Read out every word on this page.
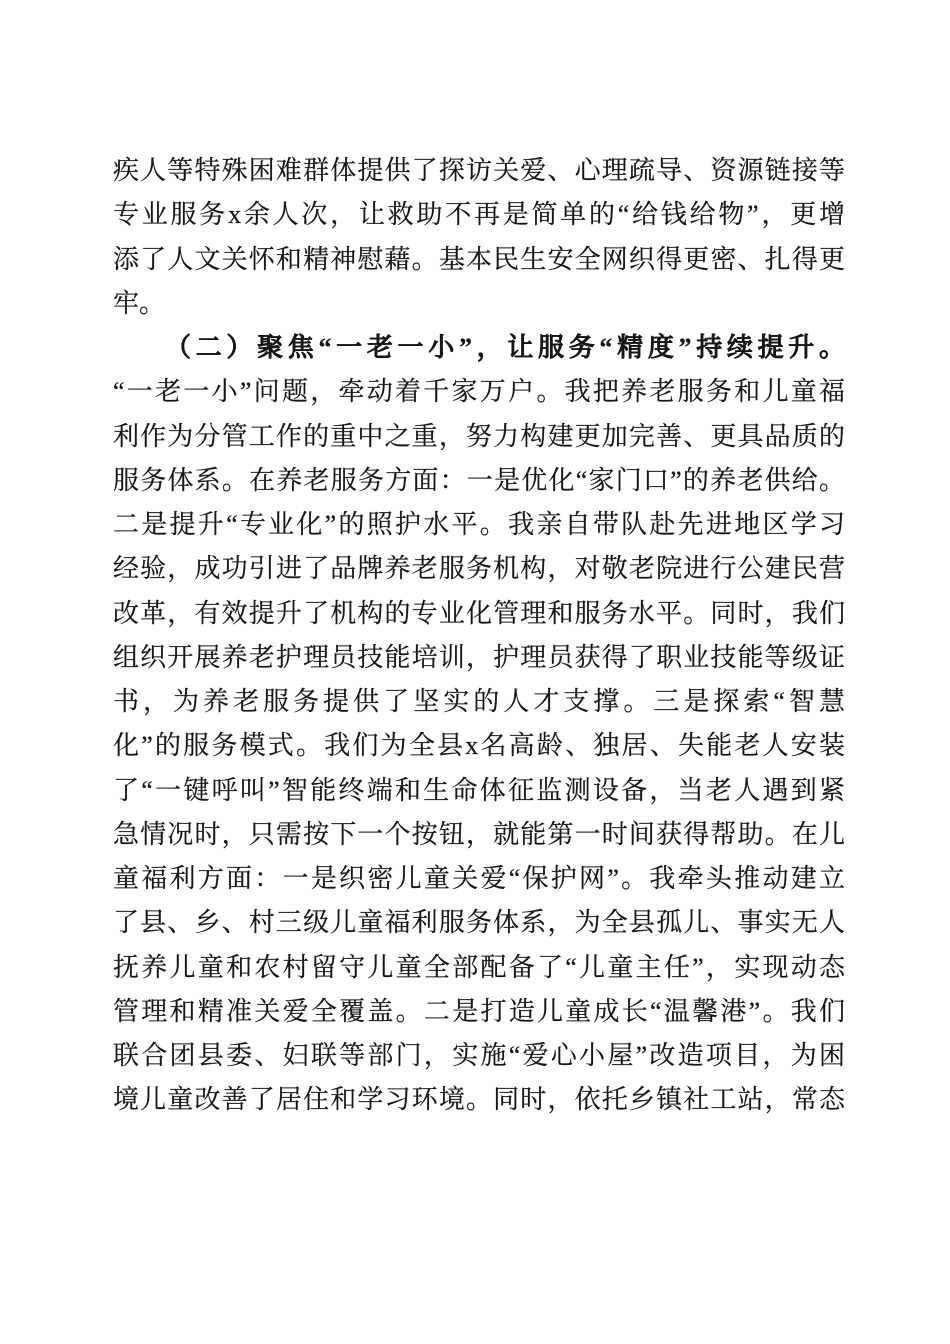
疾人等特殊困难群体提供了探访关爱、心理疏导、资源链接等
专业服务x余人次，让救助不再是简单的“给钱给物”，更增
添了人文关怀和精神慰藉。基本民生安全网织得更密、扎得更
牢。
（二）聚焦“一老一小”，让服务“精度”持续提升。
“一老一小”问题，牵动着千家万户。我把养老服务和儿童福
利作为分管工作的重中之重，努力构建更加完善、更具品质的
服务体系。在养老服务方面：一是优化“家门口”的养老供给。
二是提升“专业化”的照护水平。我亲自带队赴先进地区学习
经验，成功引进了品牌养老服务机构，对敬老院进行公建民营
改革，有效提升了机构的专业化管理和服务水平。同时，我们
组织开展养老护理员技能培训，护理员获得了职业技能等级证
书，为养老服务提供了坚实的人才支撑。三是探索“智慧
化”的服务模式。我们为全县x名高龄、独居、失能老人安装
了“一键呼叫”智能终端和生命体征监测设备，当老人遇到紧
急情况时，只需按下一个按钮，就能第一时间获得帮助。在儿
童福利方面：一是织密儿童关爱“保护网”。我牵头推动建立
了县、乡、村三级儿童福利服务体系，为全县孤儿、事实无人
抚养儿童和农村留守儿童全部配备了“儿童主任”，实现动态
管理和精准关爱全覆盖。二是打造儿童成长“温馨港”。我们
联合团县委、妇联等部门，实施“爱心小屋”改造项目，为困
境儿童改善了居住和学习环境。同时，依托乡镇社工站，常态
